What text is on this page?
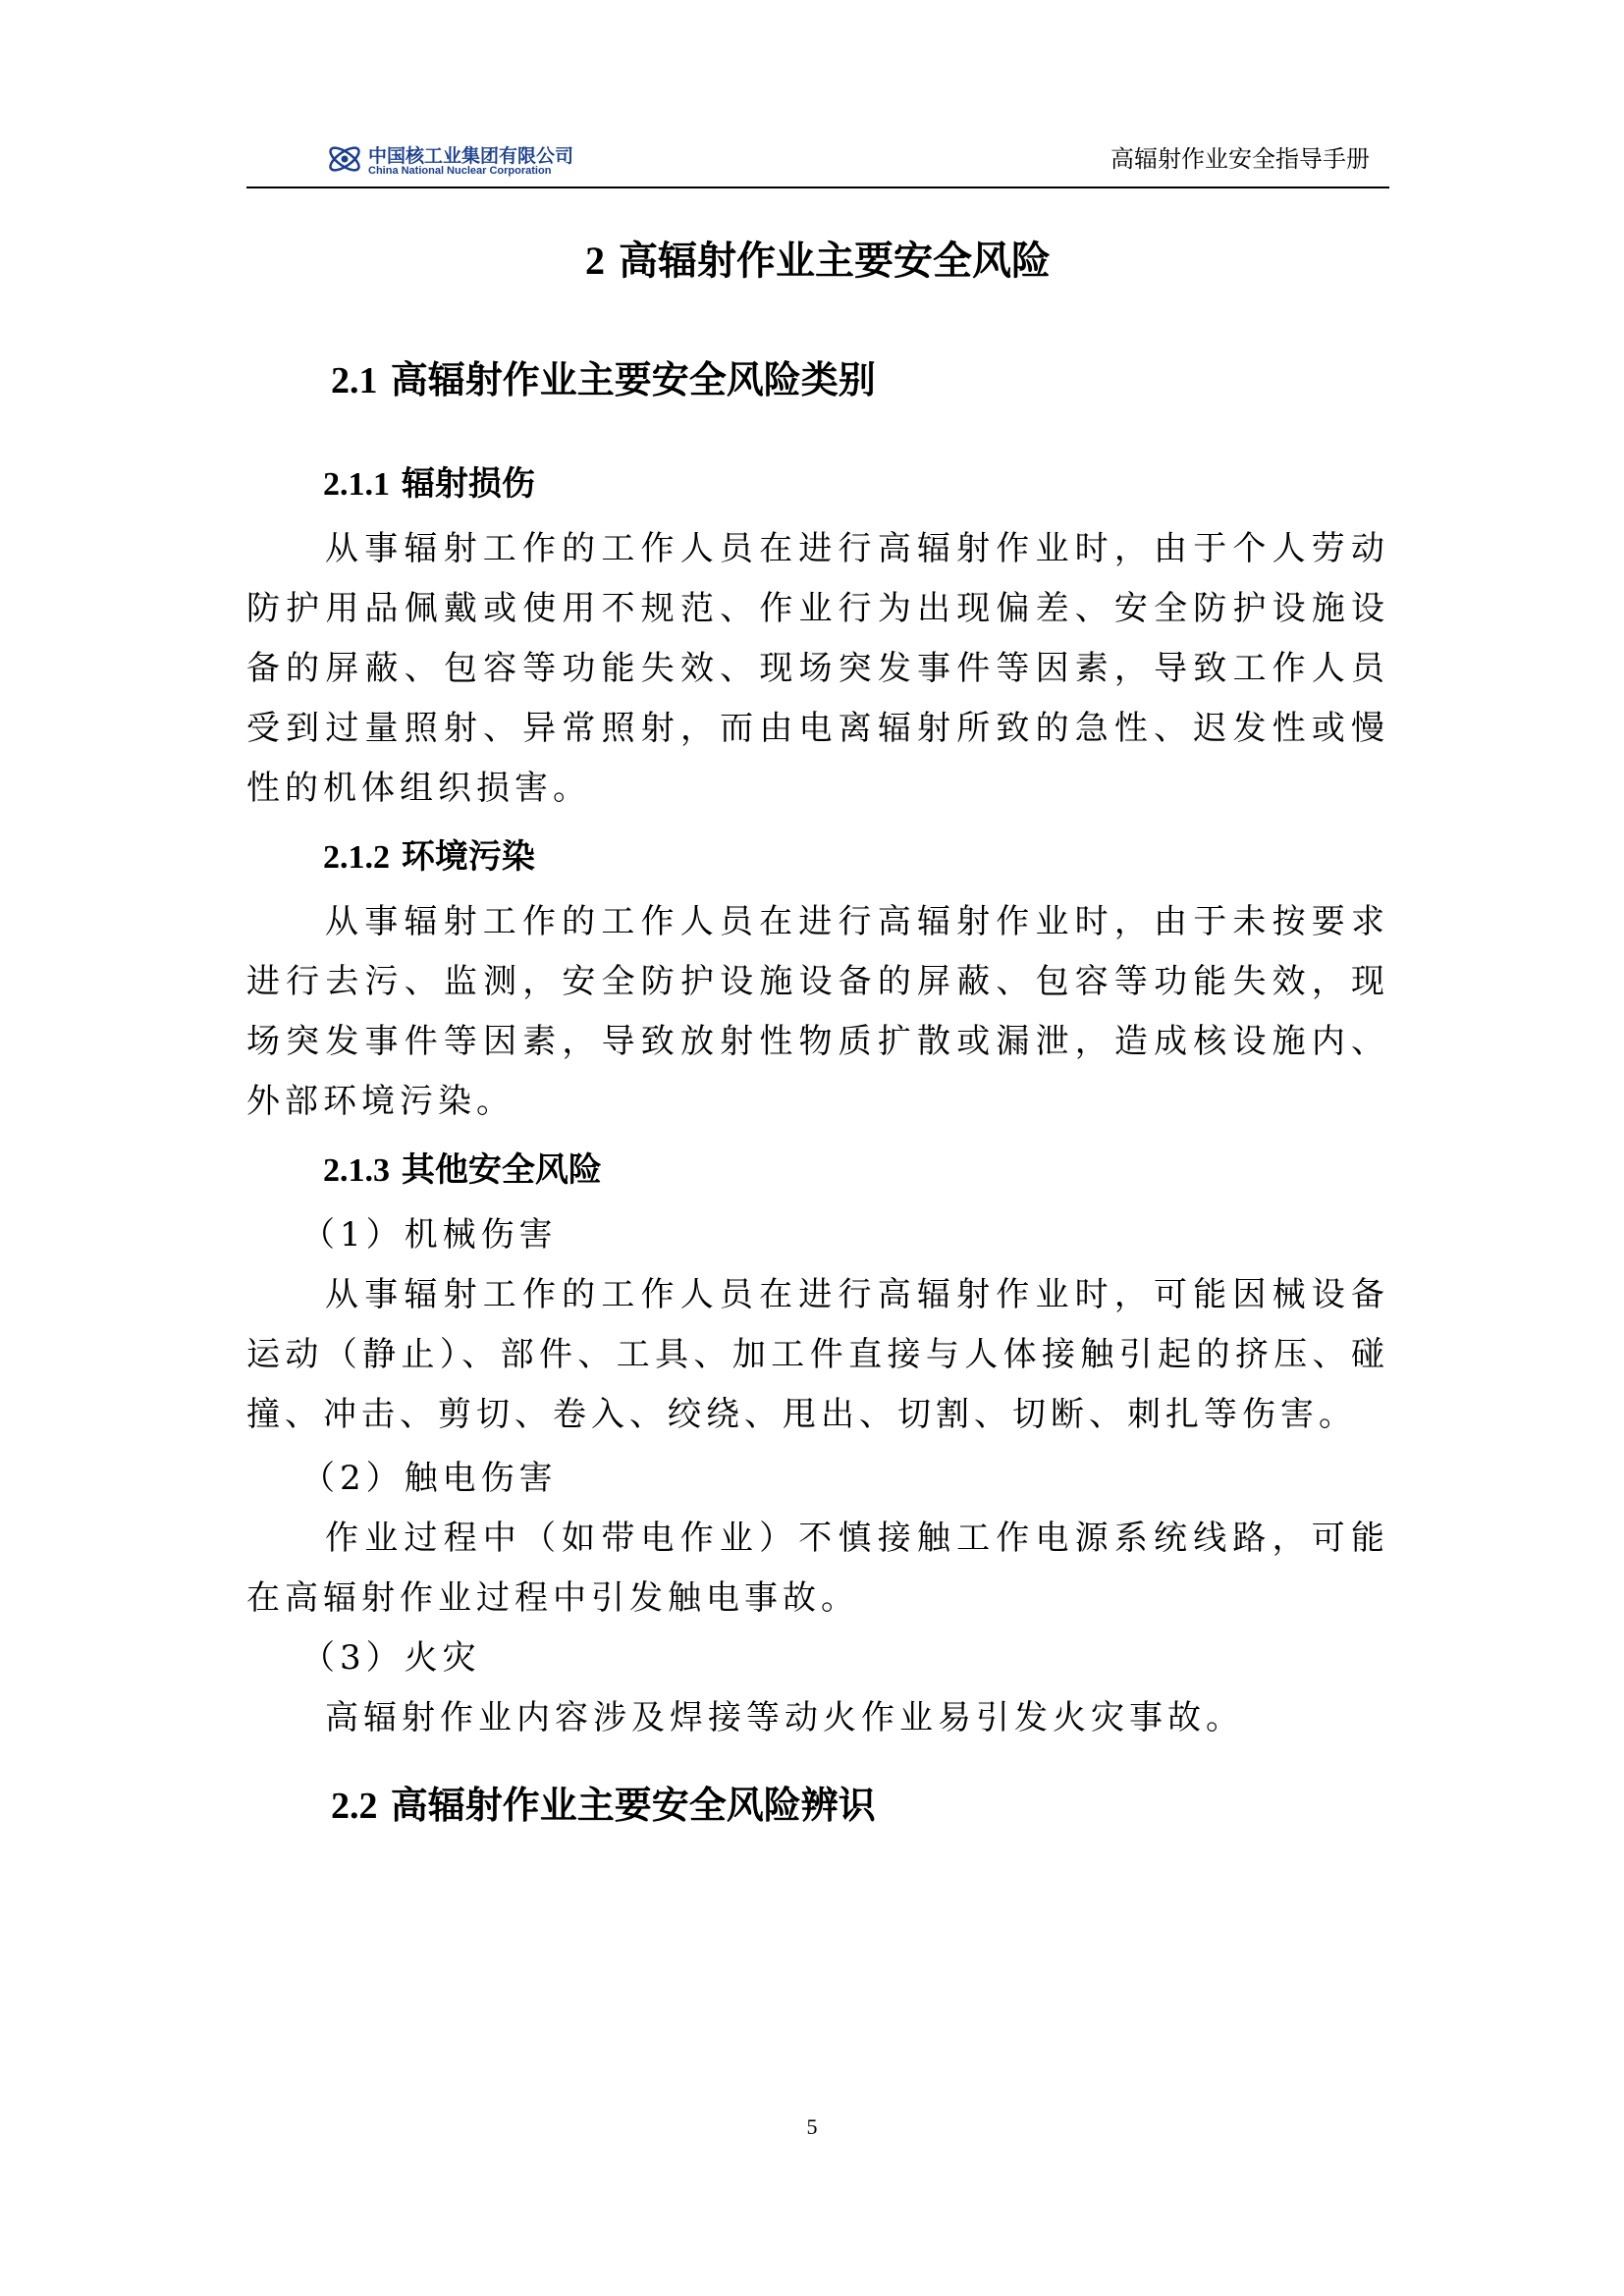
中国核工业集团有限公司
China National Nuclear Corporation	高辐射作业安全指导手册
2 高辐射作业主要安全风险
2.1 高辐射作业主要安全风险类别
2.1.1 辐射损伤

从事辐射工作的工作人员在进行高辐射作业时，由于个人劳动防护用品佩戴或使用不规范、作业行为出现偏差、安全防护设施设备的屏蔽、包容等功能失效、现场突发事件等因素，导致工作人员受到过量照射、异常照射，而由电离辐射所致的急性、迟发性或慢性的机体组织损害。

2.1.2 环境污染

从事辐射工作的工作人员在进行高辐射作业时，由于未按要求进行去污、监测，安全防护设施设备的屏蔽、包容等功能失效，现场突发事件等因素，导致放射性物质扩散或漏泄，造成核设施内、外部环境污染。

2.1.3 其他安全风险

（1）机械伤害

从事辐射工作的工作人员在进行高辐射作业时，可能因械设备运动（静止）、部件、工具、加工件直接与人体接触引起的挤压、碰撞、冲击、剪切、卷入、绞绕、甩出、切割、切断、刺扎等伤害。

（2）触电伤害

作业过程中（如带电作业）不慎接触工作电源系统线路，可能在高辐射作业过程中引发触电事故。

（3）火灾

高辐射作业内容涉及焊接等动火作业易引发火灾事故。

2.2 高辐射作业主要安全风险辨识
5
